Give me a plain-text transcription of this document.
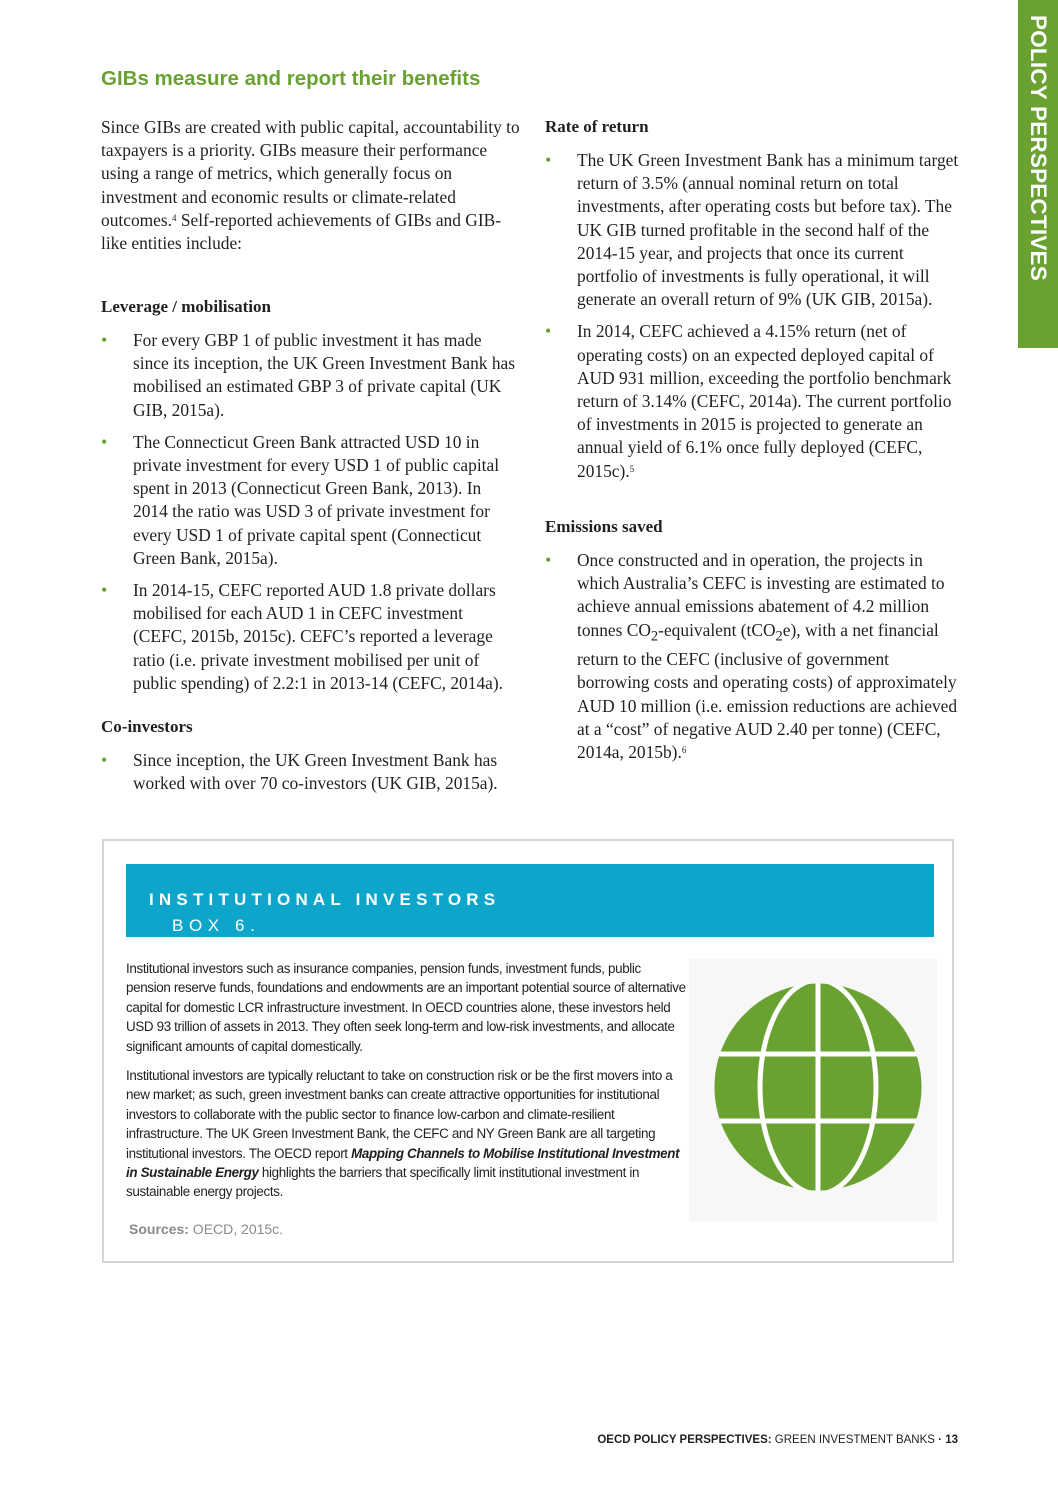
POLICY PERSPECTIVES
GIBs measure and report their benefits

Since GIBs are created with public capital, accountability to taxpayers is a priority. GIBs measure their performance using a range of metrics, which generally focus on investment and economic results or climate-related outcomes.$^4$ Self-reported achievements of GIBs and GIB-like entities include:

Leverage / mobilisation
• For every GBP 1 of public investment it has made since its inception, the UK Green Investment Bank has mobilised an estimated GBP 3 of private capital (UK GIB, 2015a).
• The Connecticut Green Bank attracted USD 10 in private investment for every USD 1 of public capital spent in 2013 (Connecticut Green Bank, 2013). In 2014 the ratio was USD 3 of private investment for every USD 1 of private capital spent (Connecticut Green Bank, 2015a).
• In 2014-15, CEFC reported AUD 1.8 private dollars mobilised for each AUD 1 in CEFC investment (CEFC, 2015b, 2015c). CEFC’s reported a leverage ratio (i.e. private investment mobilised per unit of public spending) of 2.2:1 in 2013-14 (CEFC, 2014a).
Co-investors
• Since inception, the UK Green Investment Bank has worked with over 70 co-investors (UK GIB, 2015a).
Rate of return
• The UK Green Investment Bank has a minimum target return of 3.5% (annual nominal return on total investments, after operating costs but before tax). The UK GIB turned profitable in the second half of the 2014-15 year, and projects that once its current portfolio of investments is fully operational, it will generate an overall return of 9% (UK GIB, 2015a).
• In 2014, CEFC achieved a 4.15% return (net of operating costs) on an expected deployed capital of AUD 931 million, exceeding the portfolio benchmark return of 3.14% (CEFC, 2014a). The current portfolio of investments in 2015 is projected to generate an annual yield of 6.1% once fully deployed (CEFC, 2015c).$^5$
Emissions saved
• Once constructed and in operation, the projects in which Australia’s CEFC is investing are estimated to achieve annual emissions abatement of 4.2 million tonnes $CO_2$-equivalent (tCO$_2$e), with a net financial return to the CEFC (inclusive of government borrowing costs and operating costs) of approximately AUD 10 million (i.e. emission reductions are achieved at a “cost” of negative AUD 2.40 per tonne) (CEFC, 2014a, 2015b).$^6$
BOX 6.
INSTITUTIONAL INVESTORS

Institutional investors such as insurance companies, pension funds, investment funds, public pension reserve funds, foundations and endowments are an important potential source of alternative capital for domestic LCR infrastructure investment. In OECD countries alone, these investors held USD 93 trillion of assets in 2013. They often seek long-term and low-risk investments, and allocate significant amounts of capital domestically.

Institutional investors are typically reluctant to take on construction risk or be the first movers into a new market; as such, green investment banks can create attractive opportunities for institutional investors to collaborate with the public sector to finance low-carbon and climate-resilient infrastructure. The UK Green Investment Bank, the CEFC and NY Green Bank are all targeting institutional investors. The OECD report Mapping Channels to Mobilise Institutional Investment in Sustainable Energy highlights the barriers that specifically limit institutional investment in sustainable energy projects.

Sources: OECD, 2015c.
OECD POLICY PERSPECTIVES: GREEN INVESTMENT BANKS · 13
